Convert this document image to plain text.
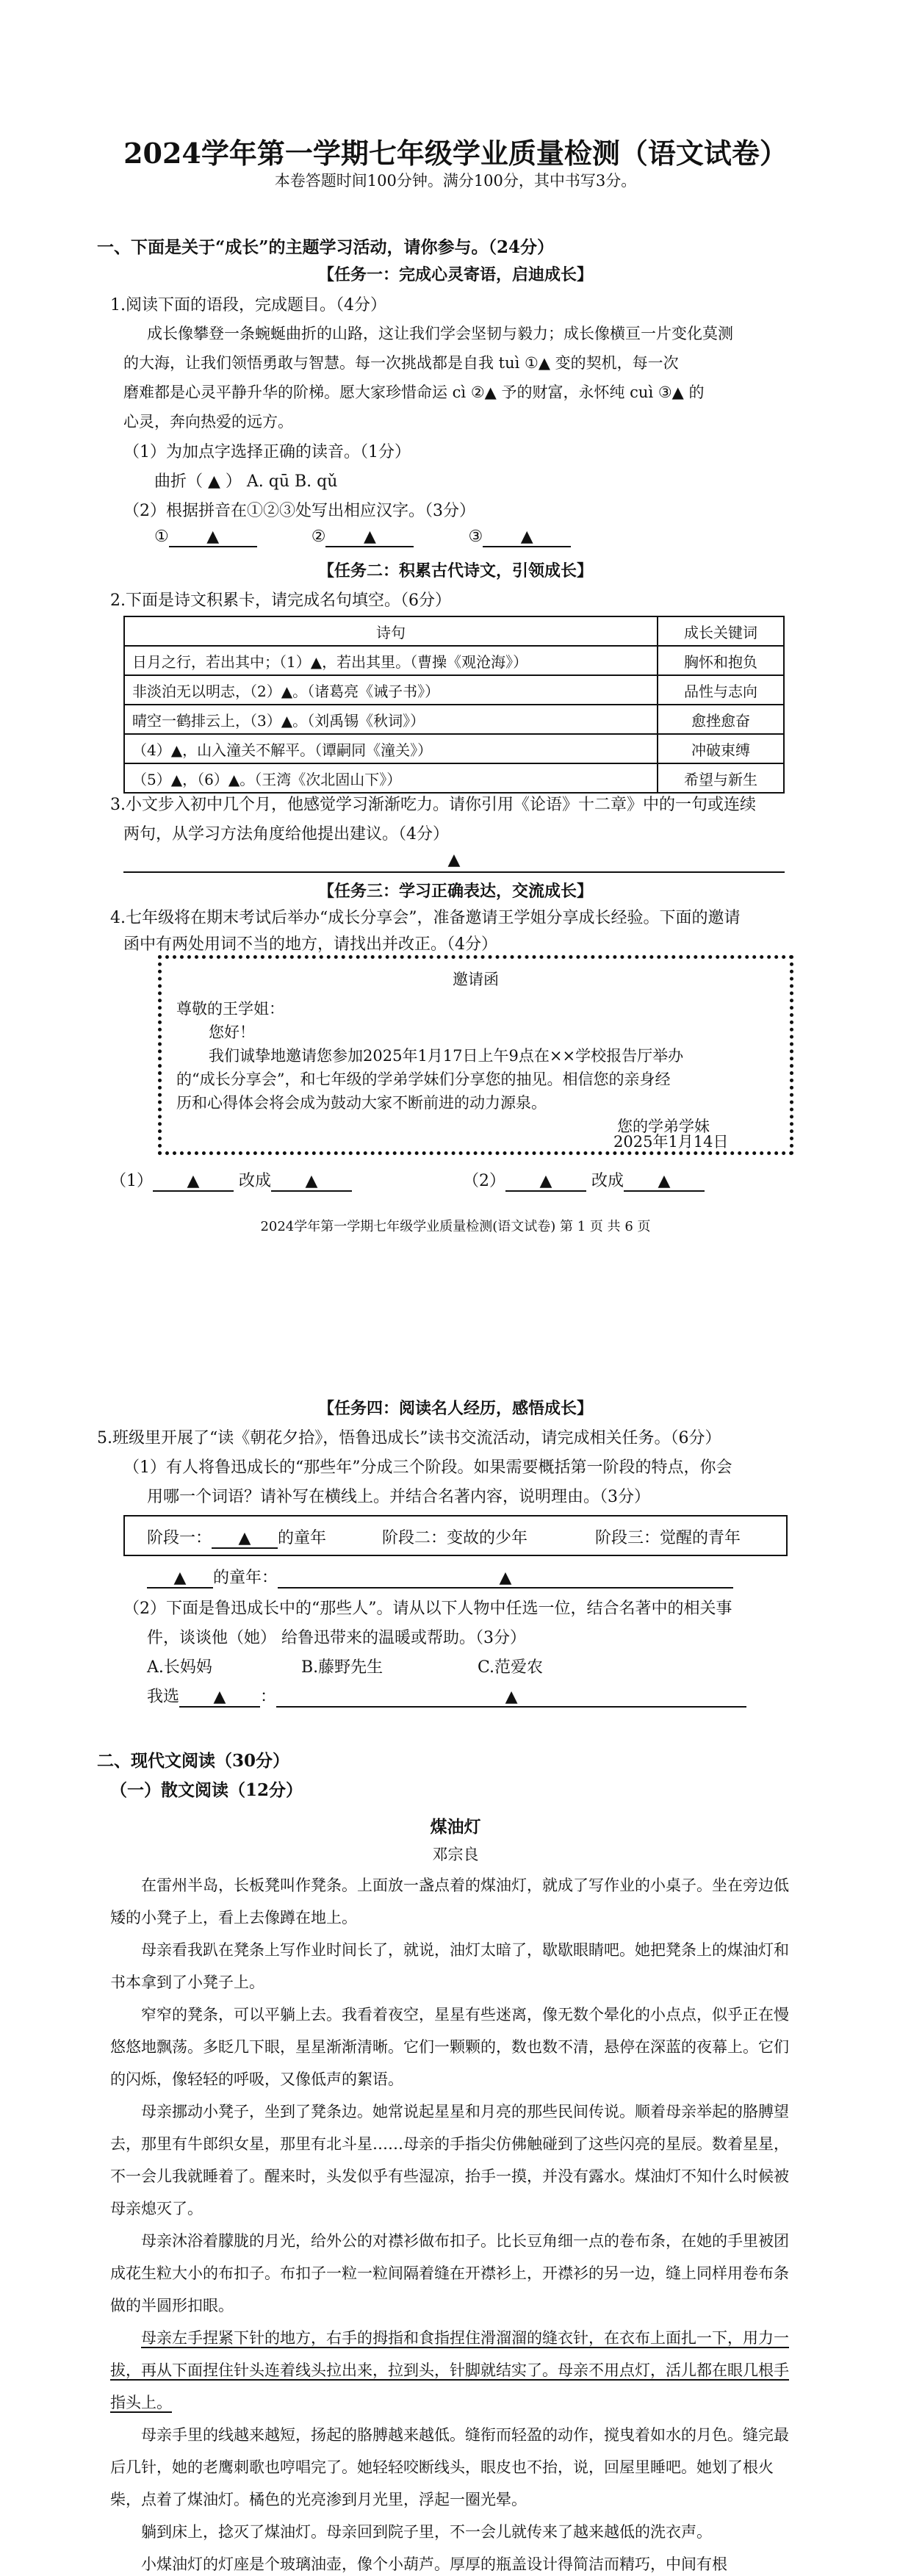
2024学年第一学期七年级学业质量检测（语文试卷）
本卷答题时间100分钟。满分100分，其中书写3分。
一、下面是关于“成长”的主题学习活动，请你参与。（24分）
【任务一：完成心灵寄语，启迪成长】
1.阅读下面的语段，完成题目。（4分）
成长像攀登一条蜿蜒曲折的山路，这让我们学会坚韧与毅力；成长像横亘一片变化莫测
的大海，让我们领悟勇敢与智慧。每一次挑战都是自我 tuì ①▲ 变的契机，每一次
磨难都是心灵平静升华的阶梯。愿大家珍惜命运 cì ②▲ 予的财富，永怀纯 cuì ③▲ 的
心灵，奔向热爱的远方。
（1）为加点字选择正确的读音。（1分）
曲折（ ▲ ） A. qū B. qǔ
（2）根据拼音在①②③处写出相应汉字。（3分）
① ▲	② ▲	③ ▲
【任务二：积累古代诗文，引领成长】
诗句	成长关键词
日月之行，若出其中；（1）▲，若出其里。（曹操《观沧海》）	胸怀和抱负
非淡泊无以明志，（2）▲。（诸葛亮《诫子书》）	品性与志向
晴空一鹤排云上，（3）▲。（刘禹锡《秋词》）	愈挫愈奋
（4）▲，山入潼关不解平。（谭嗣同《潼关》）	冲破束缚
（5）▲，（6）▲。（王湾《次北固山下》）	希望与新生
3.小文步入初中几个月，他感觉学习渐渐吃力。请你引用《论语》十二章》中的一句或连续
两句，从学习方法角度给他提出建议。（4分）
▲
【任务三：学习正确表达，交流成长】
邀请函
尊敬的王学姐：
您好！
我们诚挚地邀请您参加2025年1月17日上午9点在××学校报告厅举办
的“成长分享会”，和七年级的学弟学妹们分享您的抽见。相信您的亲身经
历和心得体会将会成为鼓动大家不断前进的动力源泉。
您的学弟学妹
4.七年级将在期末考试后举办“成长分享会”，准备邀请王学姐分享成长经验。下面的邀请
函中有两处用词不当的地方，请找出并改正。（4分）
2025年1月14日
（1） ▲ 改成 ▲	（2） ▲ 改成 ▲
2024学年第一学期七年级学业质量检测(语文试卷) 第 1 页 共 6 页
2.下面是诗文积累卡，请完成名句填空。（6分）
【任务四：阅读名人经历，感悟成长】
5.班级里开展了“读《朝花夕拾》，悟鲁迅成长”读书交流活动，请完成相关任务。（6分）
（1）有人将鲁迅成长的“那些年”分成三个阶段。如果需要概括第一阶段的特点，你会
用哪一个词语？请补写在横线上。并结合名著内容，说明理由。（3分）
阶段一： ▲ 的童年	阶段二：变故的少年	阶段三：觉醒的青年
▲ 的童年：	▲
（2）下面是鲁迅成长中的“那些人”。请从以下人物中任选一位，结合名著中的相关事
件，谈谈他（她） 给鲁迅带来的温暖或帮助。（3分）
A.长妈妈	B.藤野先生	C.范爱农
我选 ▲ ：	▲
二、现代文阅读（30分）
（一）散文阅读（12分）
煤油灯
邓宗良

在雷州半岛，长板凳叫作凳条。上面放一盏点着的煤油灯，就成了写作业的小桌子。坐在旁边低矮的小凳子上，看上去像蹲在地上。

母亲看我趴在凳条上写作业时间长了，就说，油灯太暗了，歇歇眼睛吧。她把凳条上的煤油灯和书本拿到了小凳子上。

窄窄的凳条，可以平躺上去。我看着夜空，星星有些迷离，像无数个晕化的小点点，似乎正在慢悠悠地飘荡。多眨几下眼，星星渐渐清晰。它们一颗颗的，数也数不清，悬停在深蓝的夜幕上。它们的闪烁，像轻轻的呼吸，又像低声的絮语。

母亲挪动小凳子，坐到了凳条边。她常说起星星和月亮的那些民间传说。顺着母亲举起的胳膊望去，那里有牛郎织女星，那里有北斗星……母亲的手指尖仿佛触碰到了这些闪亮的星辰。数着星星，不一会儿我就睡着了。醒来时，头发似乎有些湿凉，抬手一摸，并没有露水。煤油灯不知什么时候被母亲熄灭了。

母亲沐浴着朦胧的月光，给外公的对襟衫做布扣子。比长豆角细一点的卷布条，在她的手里被团成花生粒大小的布扣子。布扣子一粒一粒间隔着缝在开襟衫上，开襟衫的另一边，缝上同样用卷布条做的半圆形扣眼。

母亲左手捏紧下针的地方，右手的拇指和食指捏住滑溜溜的缝衣针，在衣布上面扎一下，用力一拔，再从下面捏住针头连着线头拉出来，拉到头，针脚就结实了。母亲不用点灯，活儿都在眼几根手指头上。

母亲手里的线越来越短，扬起的胳膊越来越低。缝衔而轻盈的动作，搅曳着如水的月色。缝完最后几针，她的老鹰刺歌也哼唱完了。她轻轻咬断线头，眼皮也不抬，说，回屋里睡吧。她划了根火柴，点着了煤油灯。橘色的光亮渗到月光里，浮起一圈光晕。

躺到床上，捻灭了煤油灯。母亲回到院子里，不一会儿就传来了越来越低的洗衣声。

小煤油灯的灯座是个玻璃油壶，像个小葫芦。厚厚的瓶盖设计得简洁而精巧，中间有根
